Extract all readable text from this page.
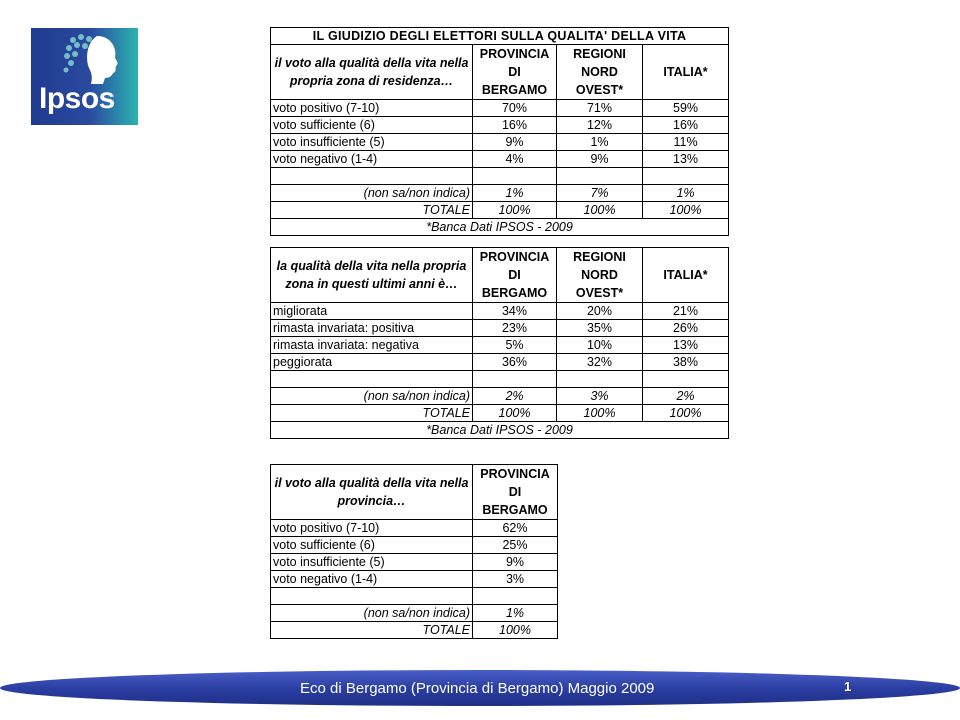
Ipsos
IL GIUDIZIO DEGLI ELETTORI SULLA QUALITA' DELLA VITA			
il voto alla qualità della vita nella propria zona di residenza…	PROVINCIA DI BERGAMO	REGIONI NORD OVEST*	ITALIA*
voto positivo (7-10)	70%	71%	59%
voto sufficiente (6)	16%	12%	16%
voto insufficiente (5)	9%	1%	11%
voto negativo (1-4)	4%	9%	13%

(non sa/non indica)	1%	7%	1%
TOTALE	100%	100%	100%
*Banca Dati IPSOS - 2009			
la qualità della vita nella propria zona in questi ultimi anni è…	PROVINCIA DI BERGAMO	REGIONI NORD OVEST*	ITALIA*
migliorata	34%	20%	21%
rimasta invariata: positiva	23%	35%	26%
rimasta invariata: negativa	5%	10%	13%
peggiorata	36%	32%	38%

(non sa/non indica)	2%	3%	2%
TOTALE	100%	100%	100%
*Banca Dati IPSOS - 2009			
il voto alla qualità della vita nella provincia…	PROVINCIA DI BERGAMO
voto positivo (7-10)	62%
voto sufficiente (6)	25%
voto insufficiente (5)	9%
voto negativo (1-4)	3%

(non sa/non indica)	1%
TOTALE	100%
Eco di Bergamo (Provincia di Bergamo) Maggio 2009	1
